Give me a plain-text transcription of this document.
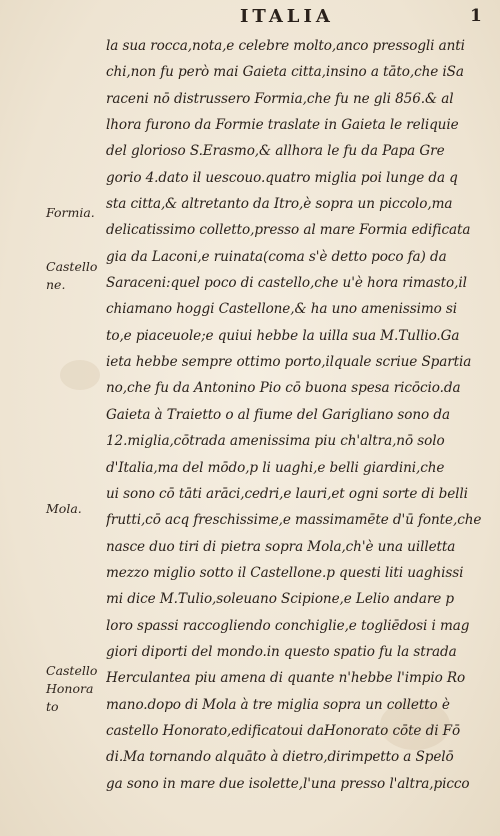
ITALIA	1
Formia.
Castello ne.
Mola.
Castello Honora to
la sua rocca,nota,e celebre molto,anco pressogli anti
chi,non fu però mai Gaieta citta,insino a tāto,che iSa
raceni nō distrussero Formia,che fu ne gli 856.& al
lhora furono da Formie traslate in Gaieta le reliquie
del glorioso S.Erasmo,& allhora le fu da Papa Gre
gorio 4.dato il uescouo.quatro miglia poi lunge da q
sta citta,& altretanto da Itro,è sopra un piccolo,ma
delicatissimo colletto,presso al mare Formia edificata
gia da Laconi,e ruinata(coma s'è detto poco fa) da
Saraceni:quel poco di castello,che u'è hora rimasto,il
chiamano hoggi Castellone,& ha uno amenissimo si
to,e piaceuole;e quiui hebbe la uilla sua M.Tullio.Ga
ieta hebbe sempre ottimo porto,ilquale scriue Spartia
no,che fu da Antonino Pio cō buona spesa ricōcio.da
Gaieta à Traietto o al fiume del Garigliano sono da
12.miglia,cōtrada amenissima piu ch'altra,nō solo
d'Italia,ma del mōdo,p li uaghi,e belli giardini,che
ui sono cō tāti arāci,cedri,e lauri,et ogni sorte di belli
frutti,cō acq freschissime,e massimamēte d'ū fonte,che
nasce duo tiri di pietra sopra Mola,ch'è una uilletta
mezzo miglio sotto il Castellone.p questi liti uaghissi
mi dice M.Tulio,soleuano Scipione,e Lelio andare p
loro spassi raccogliendo conchiglie,e togliēdosi i mag
giori diporti del mondo.in questo spatio fu la strada
Herculantea piu amena di quante n'hebbe l'impio Ro
mano.dopo di Mola à tre miglia sopra un colletto è
castello Honorato,edificatoui daHonorato cōte di Fō
di.Ma tornando alquāto à dietro,dirimpetto a Spelō
ga sono in mare due isolette,l'una presso l'altra,picco
